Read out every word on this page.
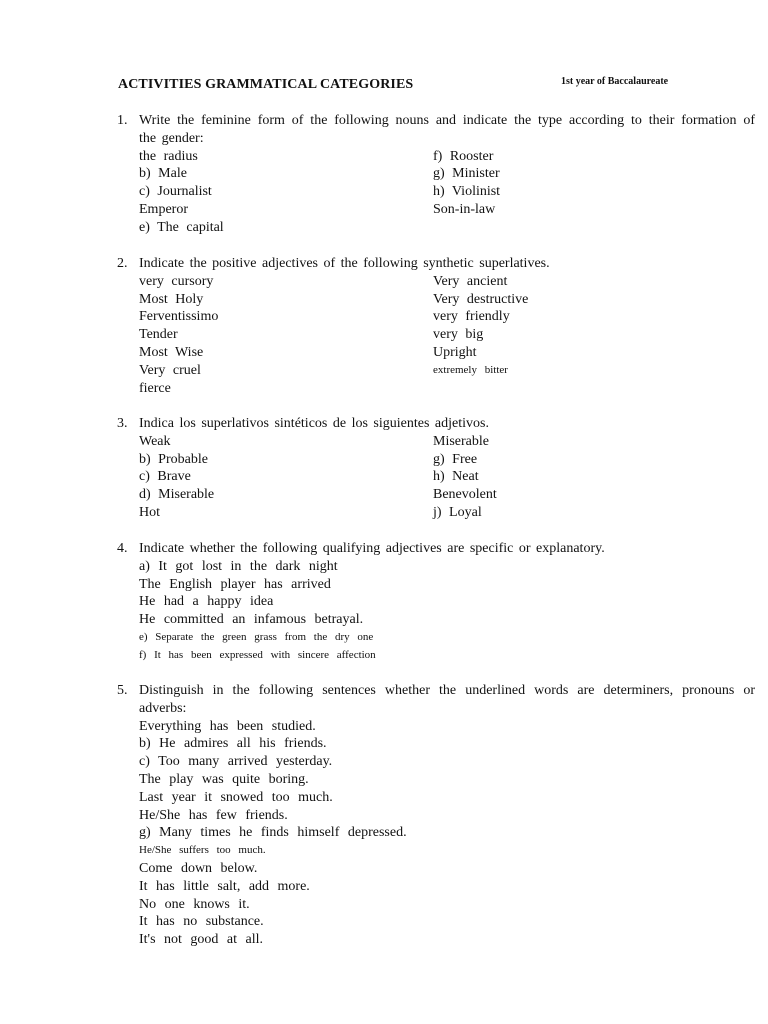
ACTIVITIES GRAMMATICAL CATEGORIES	1st year of Baccalaureate
1. Write the feminine form of the following nouns and indicate the type according to their formation of the gender:
the radius	f) Rooster
b) Male	g) Minister
c) Journalist	h) Violinist
Emperor	Son-in-law
e) The capital
2. Indicate the positive adjectives of the following synthetic superlatives.
very cursory	Very ancient
Most Holy	Very destructive
Ferventissimo	very friendly
Tender	very big
Most Wise	Upright
Very cruel	extremely bitter
fierce
3. Indica los superlativos sintéticos de los siguientes adjetivos.
Weak	Miserable
b) Probable	g) Free
c) Brave	h) Neat
d) Miserable	Benevolent
Hot	j) Loyal
4. Indicate whether the following qualifying adjectives are specific or explanatory.
a) It got lost in the dark night
The English player has arrived
He had a happy idea
He committed an infamous betrayal.
e) Separate the green grass from the dry one
f) It has been expressed with sincere affection
5. Distinguish in the following sentences whether the underlined words are determiners, pronouns or adverbs:
Everything has been studied.
b) He admires all his friends.
c) Too many arrived yesterday.
The play was quite boring.
Last year it snowed too much.
He/She has few friends.
g) Many times he finds himself depressed.
He/She suffers too much.
Come down below.
It has little salt, add more.
No one knows it.
It has no substance.
It's not good at all.
